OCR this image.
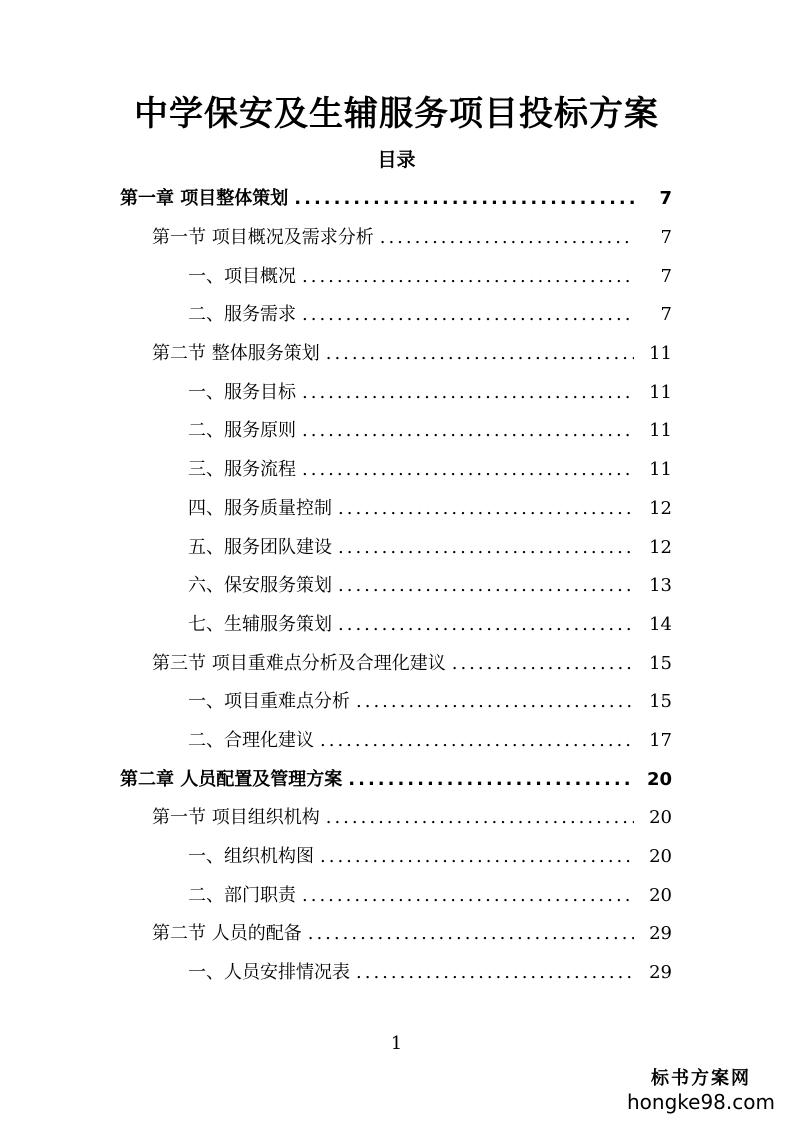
中学保安及生辅服务项目投标方案
目录
第一章 项目整体策划 .....	7
第一节 项目概况及需求分析 .....	7
一、项目概况 .....	7
二、服务需求 .....	7
第二节 整体服务策划 .....	11
一、服务目标 .....	11
二、服务原则 .....	11
三、服务流程 .....	11
四、服务质量控制 .....	12
五、服务团队建设 .....	12
六、保安服务策划 .....	13
七、生辅服务策划 .....	14
第三节 项目重难点分析及合理化建议 .....	15
一、项目重难点分析 .....	15
二、合理化建议 .....	17
第二章 人员配置及管理方案 .....	20
第一节 项目组织机构 .....	20
一、组织机构图 .....	20
二、部门职责 .....	20
第二节 人员的配备 .....	29
一、人员安排情况表 .....	29
1
标书方案网
hongke98.com
